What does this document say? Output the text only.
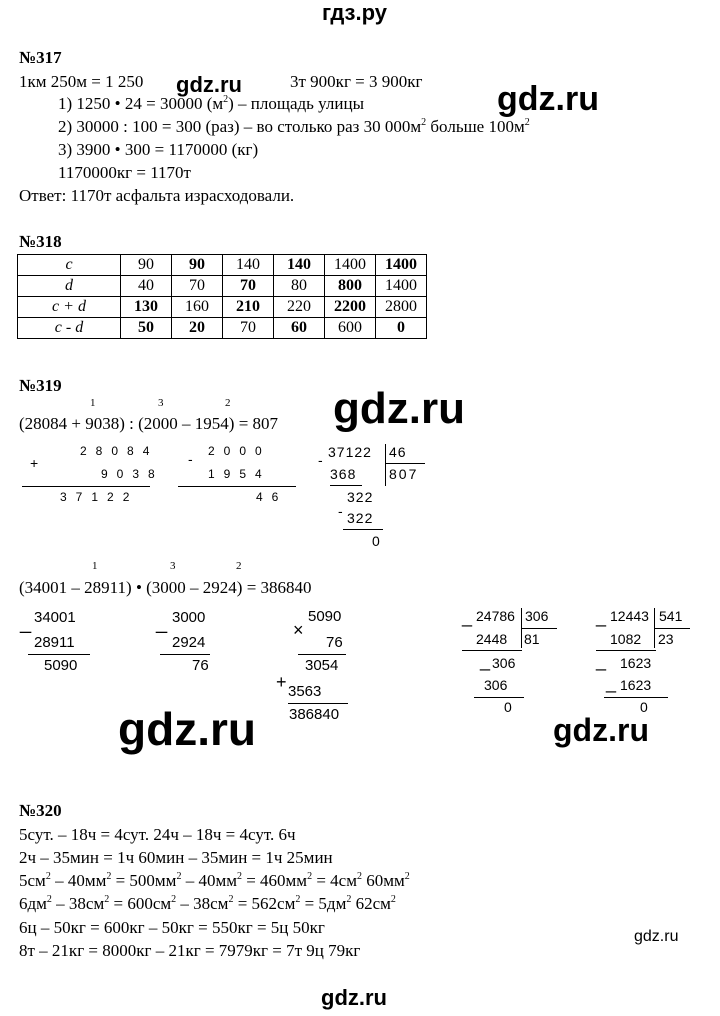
гдз.ру
gdz.ru	gdz.ru
gdz.ru
gdz.ru	gdz.ru
gdz.ru
gdz.ru
№317
1км 250м = 1 250	3т 900кг = 3 900кг
1) 1250 • 24 = 30000 $(м^2)$ – площадь улицы
2) 30000 : 100 = 300 (раз) – во столько раз 30 $000м^2$ больше $100м^2$
3) 3900 • 300 = 1170000 (кг)
1170000кг = 1170т
Ответ: 1170т асфальта израсходовали.
№318
c	90	90	140	140	1400	1400
d	40	70	70	80	800	1400
c + d	130	160	210	220	2200	2800
c - d	50	20	70	60	600	0
№319
1	3	2
(28084 + 9038) : (2000 – 1954) = 807
+
28084
9038
37122
- 2000
1954
46
- 37122 46
807
368
322
- 322
0
1	3	2
(34001 – 28911) • (3000 – 2924) = 386840
_ 34001
28911
5090
_ 3000
2924
76
5090
×
76
3054
+ 3563
386840
_ 24786 306
81
2448
_ 306
306
0
_ 12443 541
23
1082
_ 1623
_ 1623
0
№320
5сут. – 18ч = 4сут. 24ч – 18ч = 4сут. 6ч
2ч – 35мин = 1ч 60мин – 35мин = 1ч 25мин
$5см^2 - 40мм^2 = 500мм^2 - 40мм^2 = 460мм^2 = 4см^2$ $60мм^2$
$6дм^2 - 38см^2 = 600см^2 - 38см^2 = 562см^2 = 5дм^2$ $62см^2$
6ц – 50кг = 600кг – 50кг = 550кг = 5ц 50кг
8т – 21кг = 8000кг – 21кг = 7979кг = 7т 9ц 79кг
